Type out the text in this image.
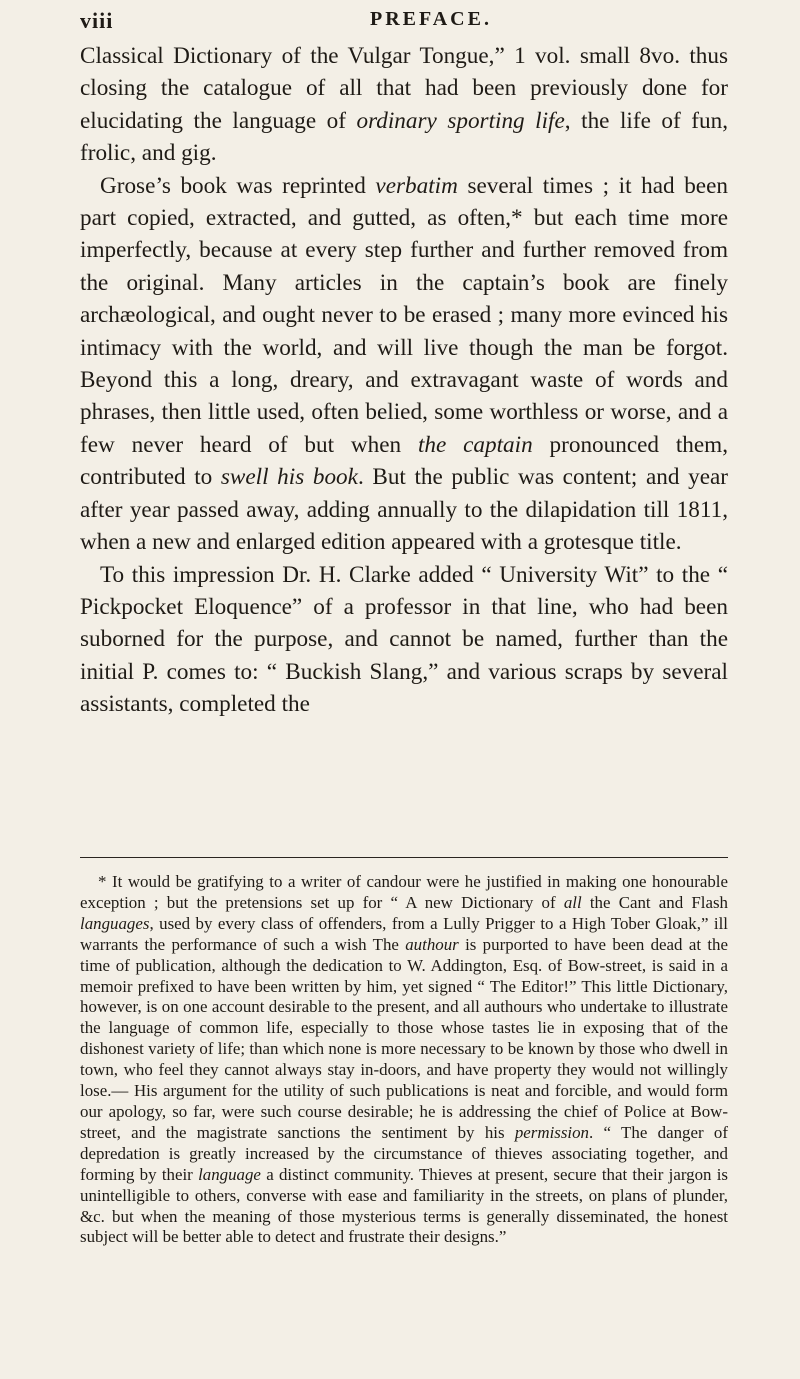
viii	PREFACE.

Classical Dictionary of the Vulgar Tongue,” 1 vol. small 8vo. thus closing the catalogue of all that had been previously done for elucidating the language of ordinary sporting life, the life of fun, frolic, and gig.

Grose’s book was reprinted verbatim several times ; it had been part copied, extracted, and gutted, as often,* but each time more imperfectly, because at every step further and further removed from the original. Many articles in the captain’s book are finely archæological, and ought never to be erased ; many more evinced his intimacy with the world, and will live though the man be forgot. Beyond this a long, dreary, and extravagant waste of words and phrases, then little used, often belied, some worthless or worse, and a few never heard of but when the captain pronounced them, contributed to swell his book. But the public was content; and year after year passed away, adding annually to the dilapidation till 1811, when a new and enlarged edition appeared with a grotesque title.

To this impression Dr. H. Clarke added “ University Wit” to the “ Pickpocket Eloquence” of a professor in that line, who had been suborned for the purpose, and cannot be named, further than the initial P. comes to: “ Buckish Slang,” and various scraps by several assistants, completed the

* It would be gratifying to a writer of candour were he justified in making one honourable exception ; but the pretensions set up for “ A new Dictionary of all the Cant and Flash languages, used by every class of offenders, from a Lully Prigger to a High Tober Gloak,” ill warrants the performance of such a wish The authour is purported to have been dead at the time of publication, although the dedication to W. Addington, Esq. of Bow-street, is said in a memoir prefixed to have been written by him, yet signed “ The Editor!” This little Dictionary, however, is on one account desirable to the present, and all authours who undertake to illustrate the language of common life, especially to those whose tastes lie in exposing that of the dishonest variety of life; than which none is more necessary to be known by those who dwell in town, who feel they cannot always stay in-doors, and have property they would not willingly lose.— His argument for the utility of such publications is neat and forcible, and would form our apology, so far, were such course desirable; he is addressing the chief of Police at Bow-street, and the magistrate sanctions the sentiment by his permission. “ The danger of depredation is greatly increased by the circumstance of thieves associating together, and forming by their language a distinct community. Thieves at present, secure that their jargon is unintelligible to others, converse with ease and familiarity in the streets, on plans of plunder, &c. but when the meaning of those mysterious terms is generally disseminated, the honest subject will be better able to detect and frustrate their designs.”
